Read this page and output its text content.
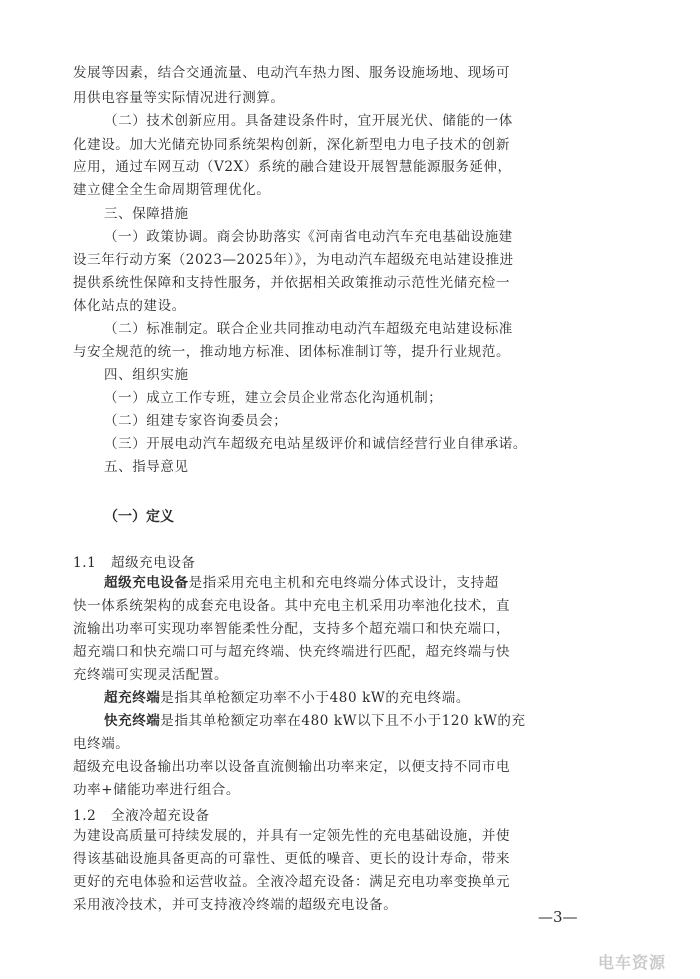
发展等因素，结合交通流量、电动汽车热力图、服务设施场地、现场可
用供电容量等实际情况进行测算。
（二）技术创新应用。具备建设条件时，宜开展光伏、储能的一体
化建设。加大光储充协同系统架构创新，深化新型电力电子技术的创新
应用，通过车网互动（V2X）系统的融合建设开展智慧能源服务延伸，
建立健全全生命周期管理优化。
三、保障措施
（一）政策协调。商会协助落实《河南省电动汽车充电基础设施建
设三年行动方案（2023—2025年）》，为电动汽车超级充电站建设推进
提供系统性保障和支持性服务，并依据相关政策推动示范性光储充检一
体化站点的建设。
（二）标准制定。联合企业共同推动电动汽车超级充电站建设标准
与安全规范的统一，推动地方标准、团体标准制订等，提升行业规范。
四、组织实施
（一）成立工作专班，建立会员企业常态化沟通机制；
（二）组建专家咨询委员会；
（三）开展电动汽车超级充电站星级评价和诚信经营行业自律承诺。
五、指导意见
（一）定义
1.1 超级充电设备
超级充电设备是指采用充电主机和充电终端分体式设计，支持超
快一体系统架构的成套充电设备。其中充电主机采用功率池化技术，直
流输出功率可实现功率智能柔性分配，支持多个超充端口和快充端口，
超充端口和快充端口可与超充终端、快充终端进行匹配，超充终端与快
充终端可实现灵活配置。
超充终端是指其单枪额定功率不小于480 kW的充电终端。
快充终端是指其单枪额定功率在480 kW以下且不小于120 kW的充
电终端。
超级充电设备输出功率以设备直流侧输出功率来定，以便支持不同市电
功率+储能功率进行组合。
1.2 全液冷超充设备
为建设高质量可持续发展的，并具有一定领先性的充电基础设施，并使
得该基础设施具备更高的可靠性、更低的噪音、更长的设计寿命，带来
更好的充电体验和运营收益。全液冷超充设备：满足充电功率变换单元
采用液冷技术，并可支持液冷终端的超级充电设备。
—3—
电车资源
